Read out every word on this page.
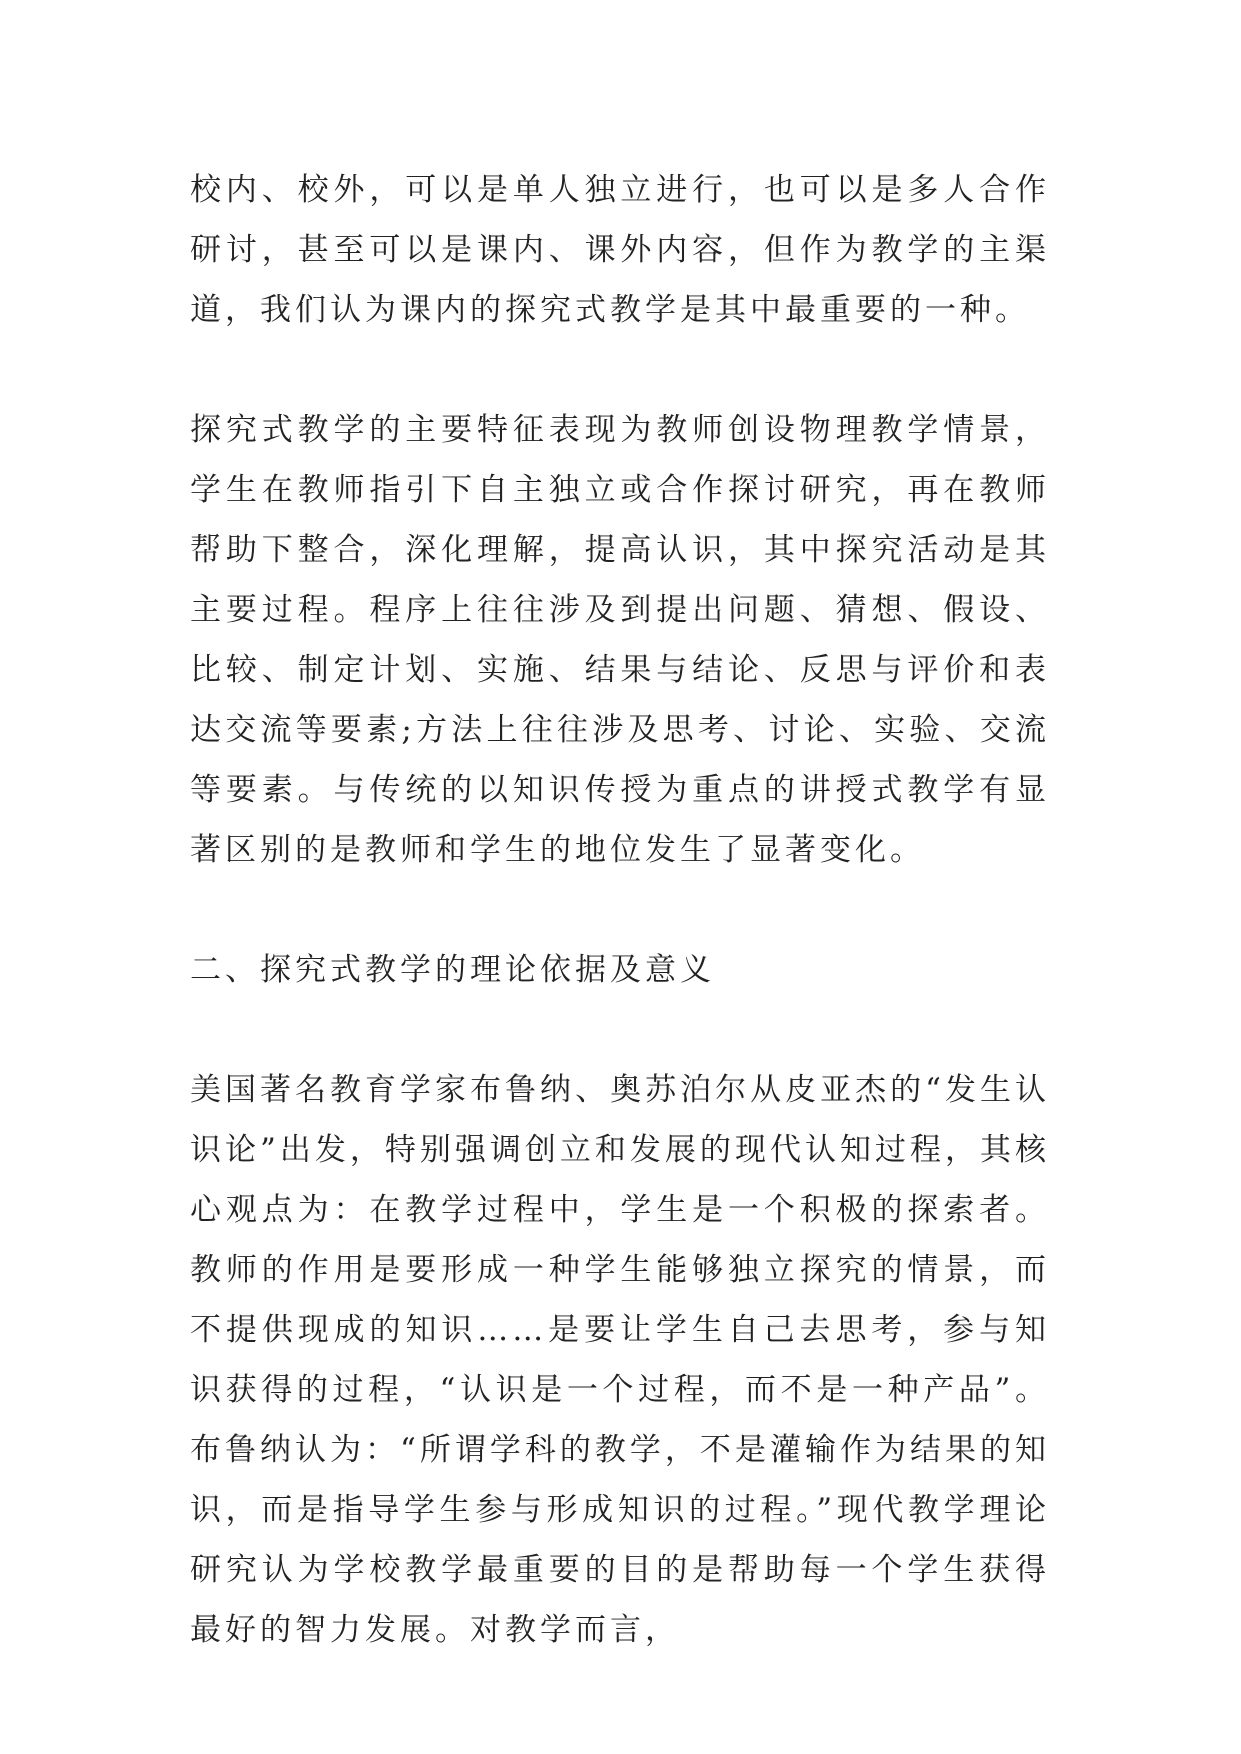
校内、校外，可以是单人独立进行，也可以是多人合作研讨，甚至可以是课内、课外内容，但作为教学的主渠道，我们认为课内的探究式教学是其中最重要的一种。

探究式教学的主要特征表现为教师创设物理教学情景，学生在教师指引下自主独立或合作探讨研究，再在教师帮助下整合，深化理解，提高认识，其中探究活动是其主要过程。程序上往往涉及到提出问题、猜想、假设、比较、制定计划、实施、结果与结论、反思与评价和表达交流等要素;方法上往往涉及思考、讨论、实验、交流等要素。与传统的以知识传授为重点的讲授式教学有显著区别的是教师和学生的地位发生了显著变化。

二、探究式教学的理论依据及意义

美国著名教育学家布鲁纳、奥苏泊尔从皮亚杰的“发生认识论”出发，特别强调创立和发展的现代认知过程，其核心观点为：在教学过程中，学生是一个积极的探索者。教师的作用是要形成一种学生能够独立探究的情景，而不提供现成的知识……是要让学生自己去思考，参与知识获得的过程，“认识是一个过程，而不是一种产品”。布鲁纳认为：“所谓学科的教学，不是灌输作为结果的知识，而是指导学生参与形成知识的过程。”现代教学理论研究认为学校教学最重要的目的是帮助每一个学生获得最好的智力发展。对教学而言，
